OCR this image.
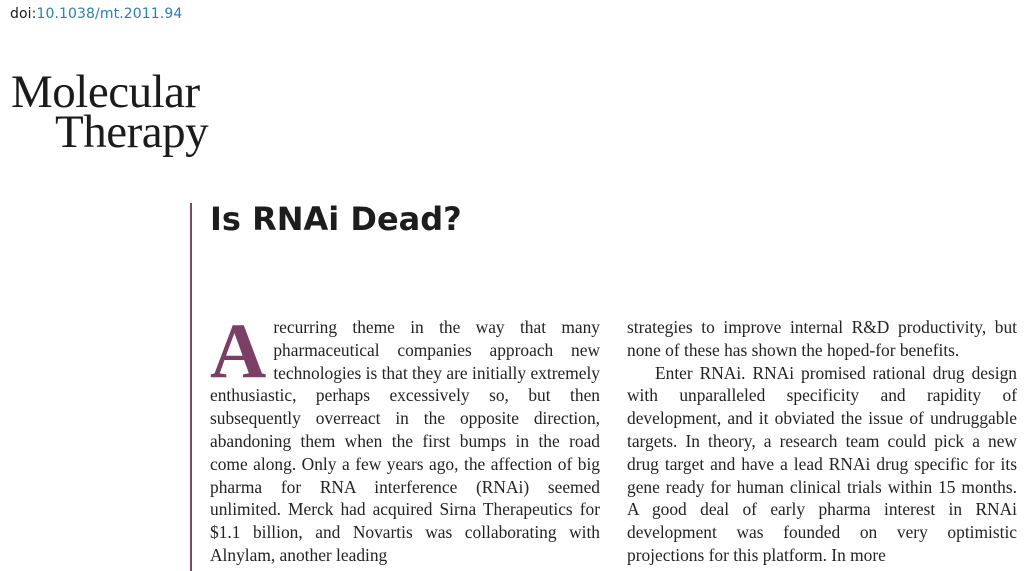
doi:10.1038/mt.2011.94
Molecular
Therapy
Is RNAi Dead?

Arecurring theme in the way that many pharmaceutical companies approach new technologies is that they are initially extremely enthusiastic, perhaps excessively so, but then subsequently overreact in the opposite direction, abandoning them when the first bumps in the road come along. Only a few years ago, the affection of big pharma for RNA interference (RNAi) seemed unlimited. Merck had acquired Sirna Therapeutics for $1.1 billion, and Novartis was collaborating with Alnylam, another leading

strategies to improve internal R&D productivity, but none of these has shown the hoped-for benefits.

Enter RNAi. RNAi promised rational drug design with unparalleled specificity and rapidity of development, and it obviated the issue of undruggable targets. In theory, a research team could pick a new drug target and have a lead RNAi drug specific for its gene ready for human clinical trials within 15 months. A good deal of early pharma interest in RNAi development was founded on very optimistic projections for this platform. In more
